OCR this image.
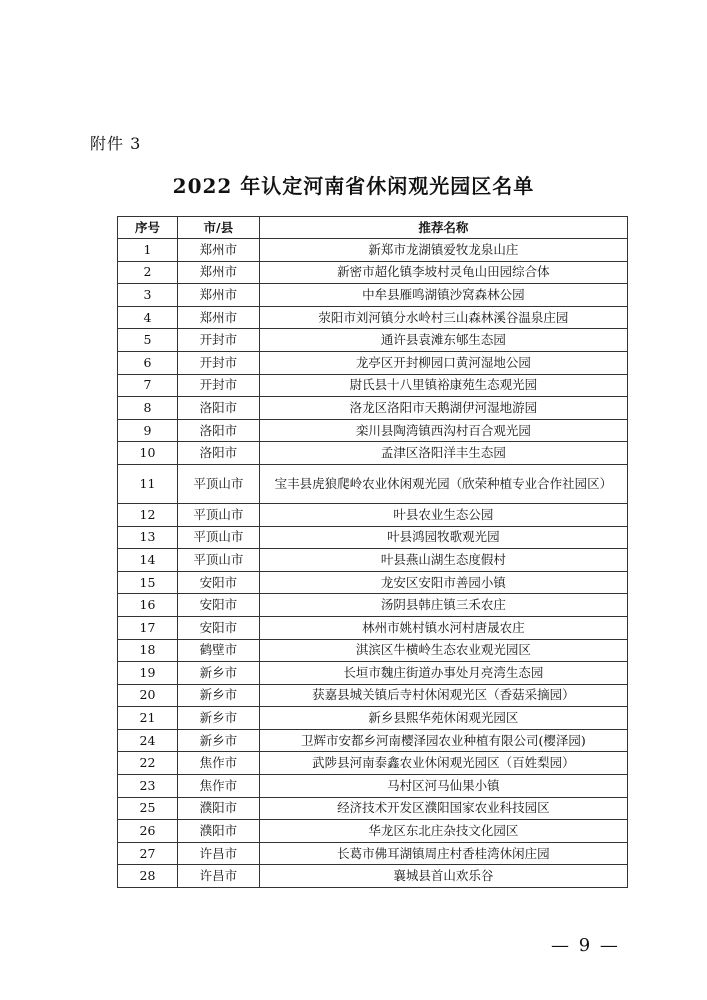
附件 3
2022 年认定河南省休闲观光园区名单
序号	市/县	推荐名称
1	郑州市	新郑市龙湖镇爱牧龙泉山庄
2	郑州市	新密市超化镇李坡村灵龟山田园综合体
3	郑州市	中牟县雁鸣湖镇沙窝森林公园
4	郑州市	荥阳市刘河镇分水岭村三山森林溪谷温泉庄园
5	开封市	通许县袁滩东郇生态园
6	开封市	龙亭区开封柳园口黄河湿地公园
7	开封市	尉氏县十八里镇裕康苑生态观光园
8	洛阳市	洛龙区洛阳市天鹅湖伊河湿地游园
9	洛阳市	栾川县陶湾镇西沟村百合观光园
10	洛阳市	孟津区洛阳洋丰生态园
11	平顶山市	宝丰县虎狼爬岭农业休闲观光园（欣荣种植专业合作社园区）
12	平顶山市	叶县农业生态公园
13	平顶山市	叶县鸿园牧歌观光园
14	平顶山市	叶县燕山湖生态度假村
15	安阳市	龙安区安阳市善园小镇
16	安阳市	汤阴县韩庄镇三禾农庄
17	安阳市	林州市姚村镇水河村唐晟农庄
18	鹤壁市	淇滨区牛横岭生态农业观光园区
19	新乡市	长垣市魏庄街道办事处月亮湾生态园
20	新乡市	获嘉县城关镇后寺村休闲观光区（香菇采摘园）
21	新乡市	新乡县熙华苑休闲观光园区
24	新乡市	卫辉市安都乡河南樱泽园农业种植有限公司(樱泽园)
22	焦作市	武陟县河南泰鑫农业休闲观光园区（百姓梨园）
23	焦作市	马村区河马仙果小镇
25	濮阳市	经济技术开发区濮阳国家农业科技园区
26	濮阳市	华龙区东北庄杂技文化园区
27	许昌市	长葛市佛耳湖镇周庄村香桂湾休闲庄园
28	许昌市	襄城县首山欢乐谷
— 9 —
